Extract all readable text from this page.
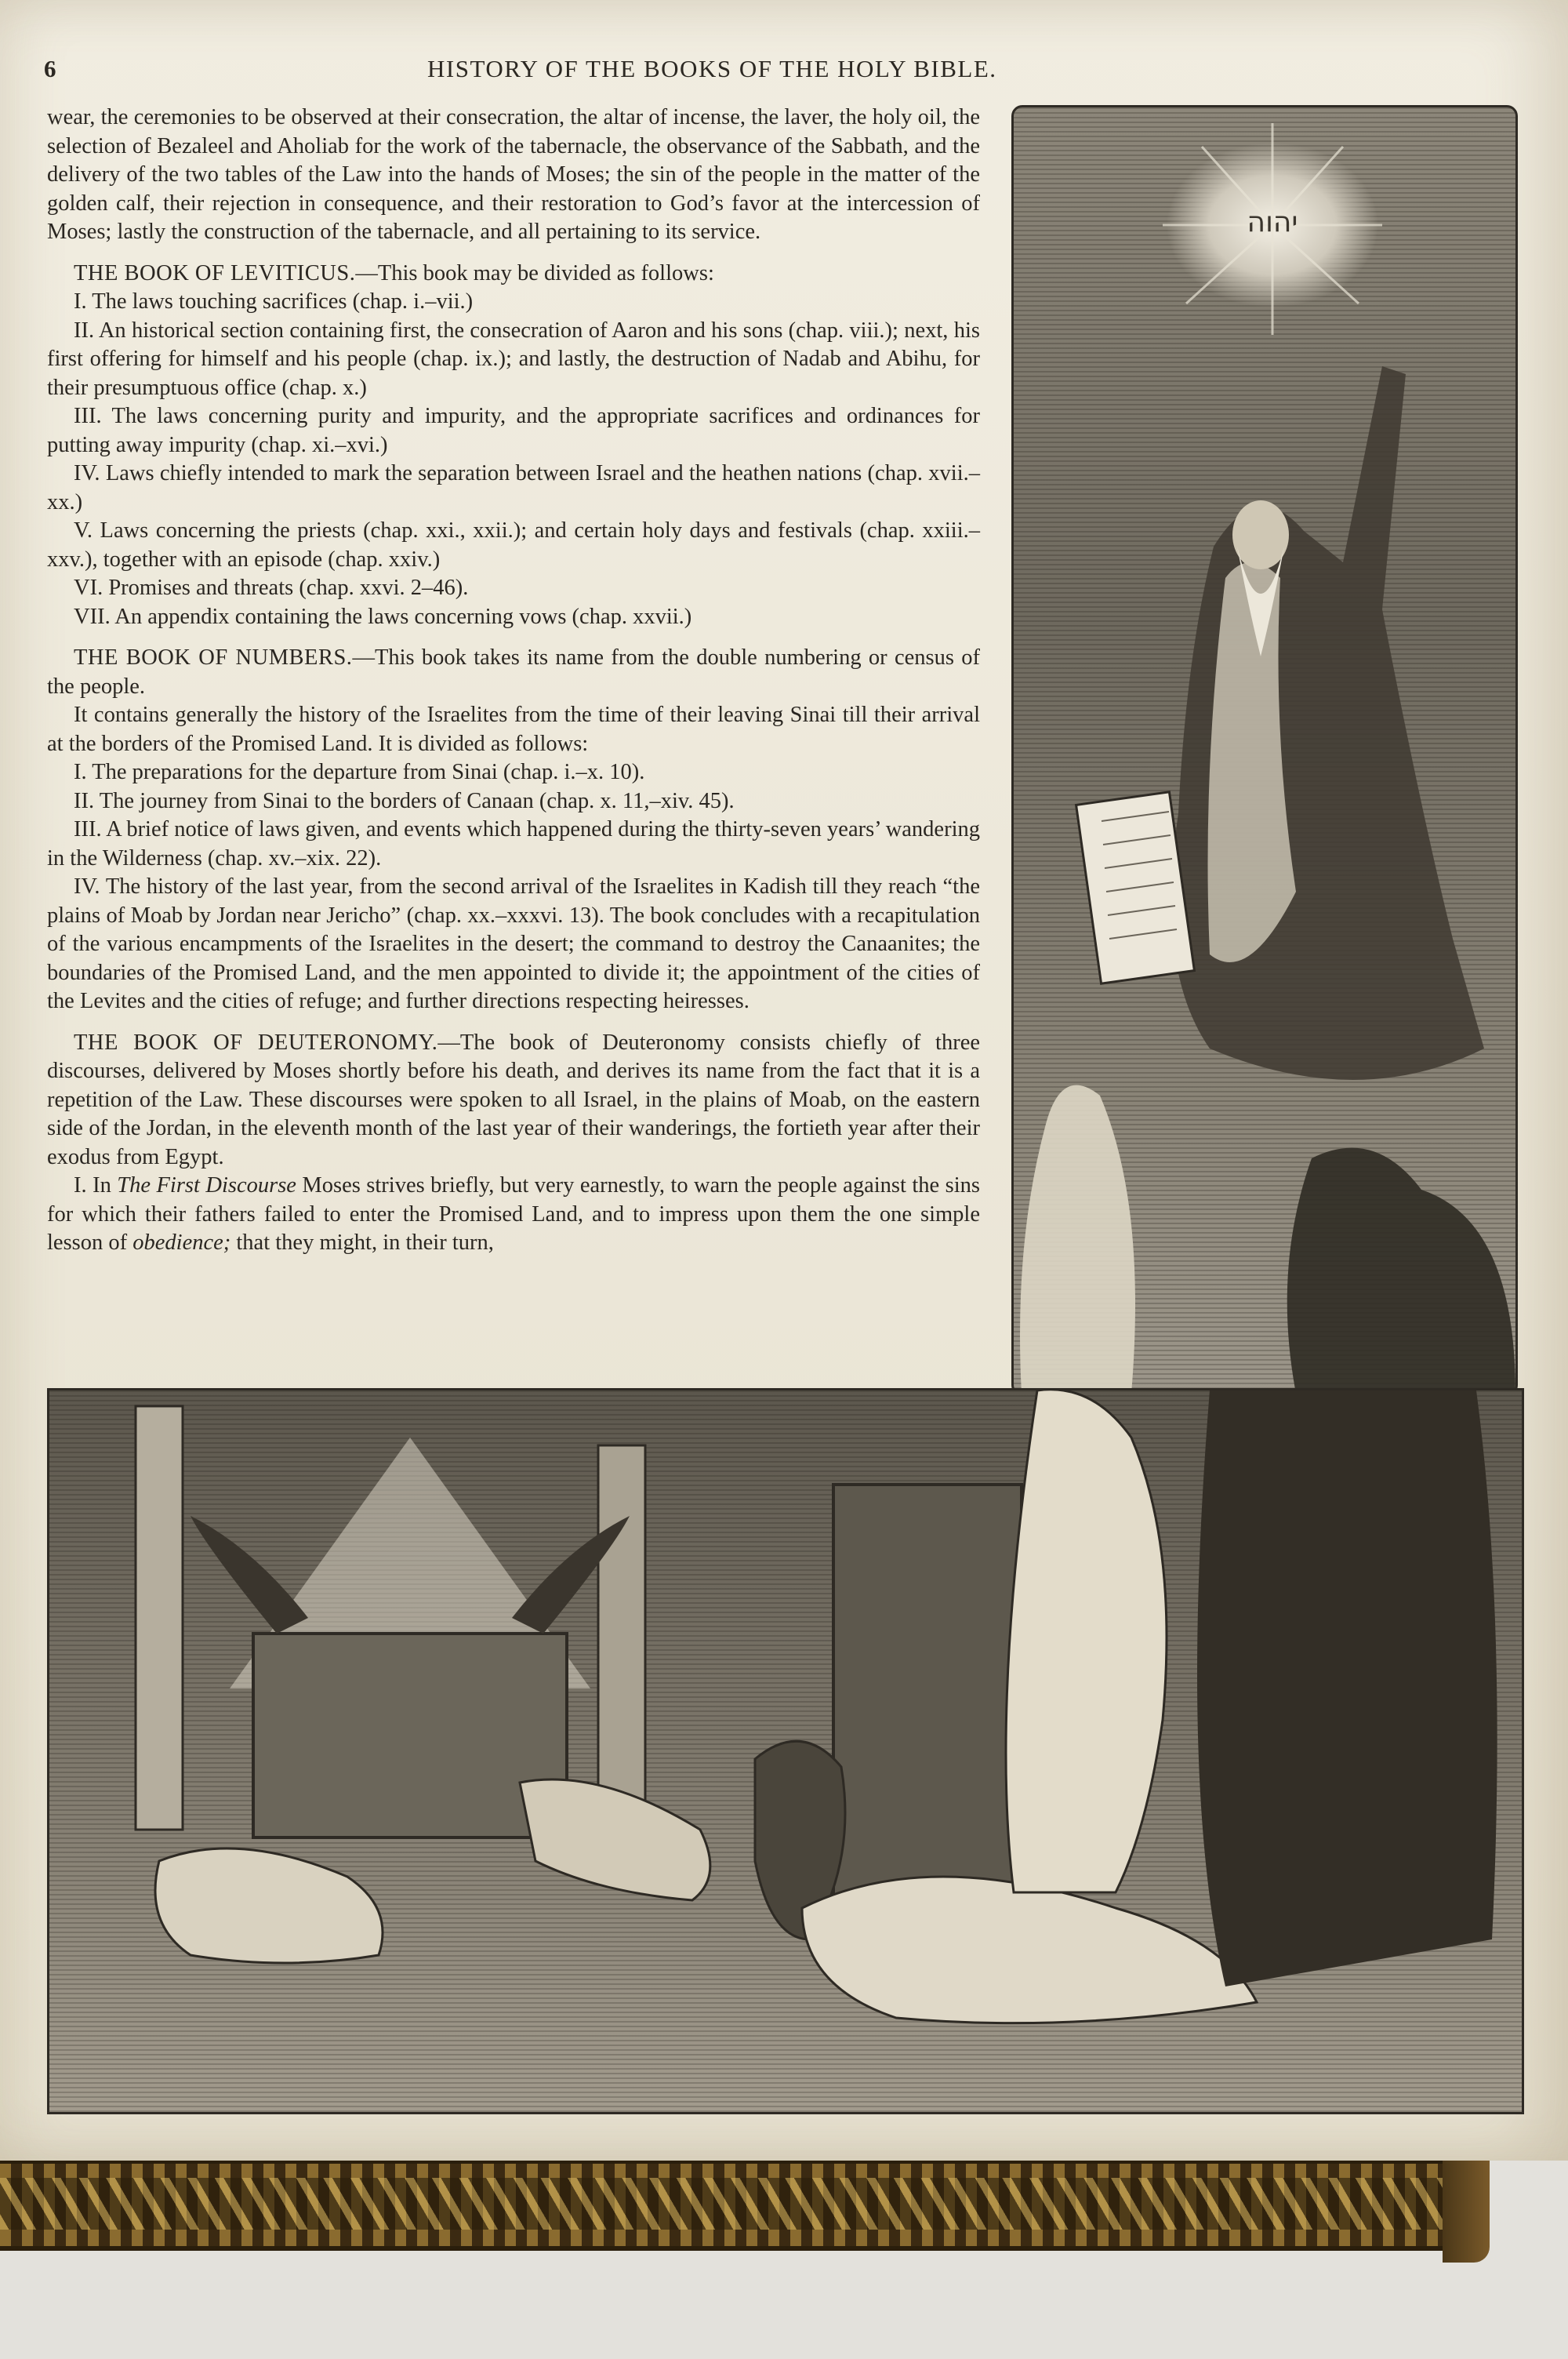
6	HISTORY OF THE BOOKS OF THE HOLY BIBLE.

wear, the ceremonies to be observed at their consecration, the altar of incense, the laver, the holy oil, the selection of Bezaleel and Aholiab for the work of the tabernacle, the observance of the Sabbath, and the delivery of the two tables of the Law into the hands of Moses; the sin of the people in the matter of the golden calf, their rejection in consequence, and their restoration to God’s favor at the intercession of Moses; lastly the construction of the tabernacle, and all pertaining to its service.

THE BOOK OF LEVITICUS.—This book may be divided as follows:

I. The laws touching sacrifices (chap. i.–vii.)

II. An historical section containing first, the consecration of Aaron and his sons (chap. viii.); next, his first offering for himself and his people (chap. ix.); and lastly, the destruction of Nadab and Abihu, for their presumptuous office (chap. x.)

III. The laws concerning purity and impurity, and the appropriate sacrifices and ordinances for putting away impurity (chap. xi.–xvi.)

IV. Laws chiefly intended to mark the separation between Israel and the heathen nations (chap. xvii.–xx.)

V. Laws concerning the priests (chap. xxi., xxii.); and certain holy days and festivals (chap. xxiii.–xxv.), together with an episode (chap. xxiv.)

VI. Promises and threats (chap. xxvi. 2–46).

VII. An appendix containing the laws concerning vows (chap. xxvii.)

THE BOOK OF NUMBERS.—This book takes its name from the double numbering or census of the people.

It contains generally the history of the Israelites from the time of their leaving Sinai till their arrival at the borders of the Promised Land. It is divided as follows:

I. The preparations for the departure from Sinai (chap. i.–x. 10).

II. The journey from Sinai to the borders of Canaan (chap. x. 11,–xiv. 45).

III. A brief notice of laws given, and events which happened during the thirty-seven years’ wandering in the Wilderness (chap. xv.–xix. 22).

IV. The history of the last year, from the second arrival of the Israelites in Kadish till they reach “the plains of Moab by Jordan near Jericho” (chap. xx.–xxxvi. 13). The book concludes with a recapitulation of the various encampments of the Israelites in the desert; the command to destroy the Canaanites; the boundaries of the Promised Land, and the men appointed to divide it; the appointment of the cities of the Levites and the cities of refuge; and further directions respecting heiresses.

THE BOOK OF DEUTERONOMY.—The book of Deuteronomy consists chiefly of three discourses, delivered by Moses shortly before his death, and derives its name from the fact that it is a repetition of the Law. These discourses were spoken to all Israel, in the plains of Moab, on the eastern side of the Jordan, in the eleventh month of the last year of their wanderings, the fortieth year after their exodus from Egypt.

I. In The First Discourse Moses strives briefly, but very earnestly, to warn the people against the sins for which their fathers failed to enter the Promised Land, and to impress upon them the one simple lesson of obedience; that they might, in their turn,

יהוה
